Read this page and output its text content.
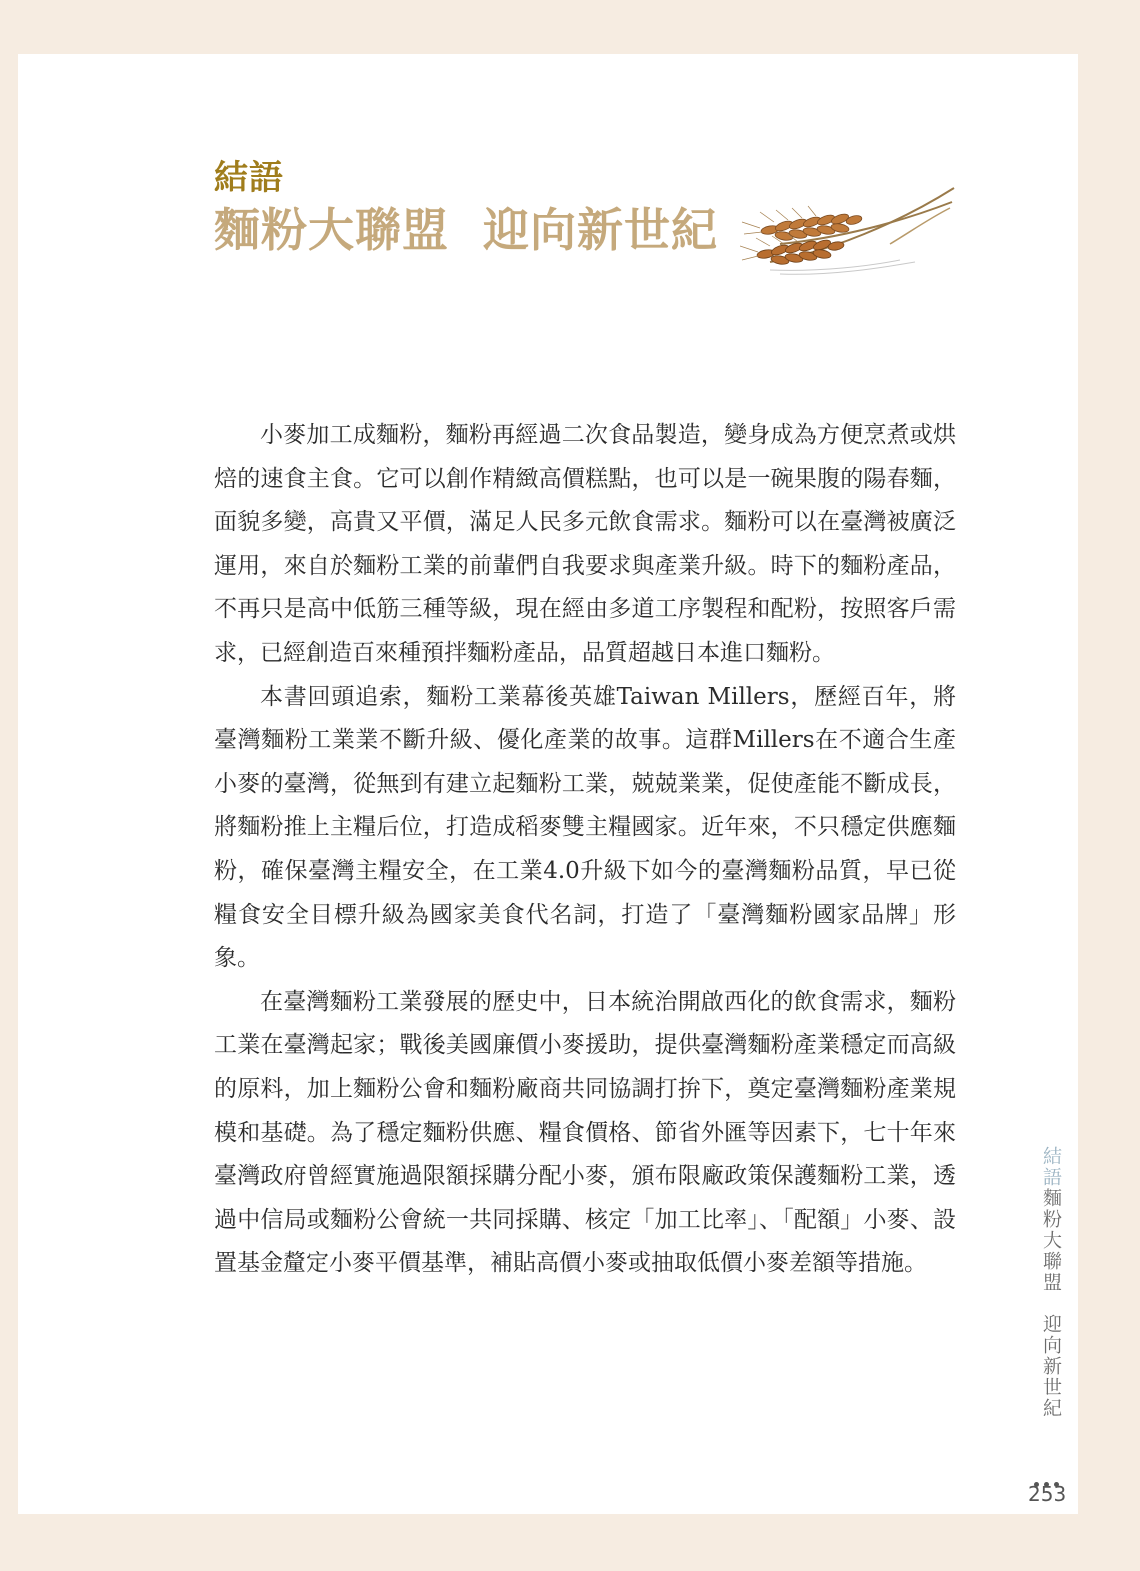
結語
麵粉大聯盟  迎向新世紀

小麥加工成麵粉，麵粉再經過二次食品製造，變身成為方便烹煮或烘焙的速食主食。它可以創作精緻高價糕點，也可以是一碗果腹的陽春麵，面貌多變，高貴又平價，滿足人民多元飲食需求。麵粉可以在臺灣被廣泛運用，來自於麵粉工業的前輩們自我要求與產業升級。時下的麵粉產品，不再只是高中低筋三種等級，現在經由多道工序製程和配粉，按照客戶需求，已經創造百來種預拌麵粉產品，品質超越日本進口麵粉。

本書回頭追索，麵粉工業幕後英雄Taiwan Millers，歷經百年，將臺灣麵粉工業業不斷升級、優化產業的故事。這群Millers在不適合生產小麥的臺灣，從無到有建立起麵粉工業，兢兢業業，促使產能不斷成長，將麵粉推上主糧后位，打造成稻麥雙主糧國家。近年來，不只穩定供應麵粉，確保臺灣主糧安全，在工業4.0升級下如今的臺灣麵粉品質，早已從糧食安全目標升級為國家美食代名詞，打造了「臺灣麵粉國家品牌」形象。

在臺灣麵粉工業發展的歷史中，日本統治開啟西化的飲食需求，麵粉工業在臺灣起家；戰後美國廉價小麥援助，提供臺灣麵粉產業穩定而高級的原料，加上麵粉公會和麵粉廠商共同協調打拚下，奠定臺灣麵粉產業規模和基礎。為了穩定麵粉供應、糧食價格、節省外匯等因素下，七十年來臺灣政府曾經實施過限額採購分配小麥，頒布限廠政策保護麵粉工業，透過中信局或麵粉公會統一共同採購、核定「加工比率」、「配額」小麥、設置基金釐定小麥平價基準，補貼高價小麥或抽取低價小麥差額等措施。

結語麵粉大聯盟　迎向新世紀
253
